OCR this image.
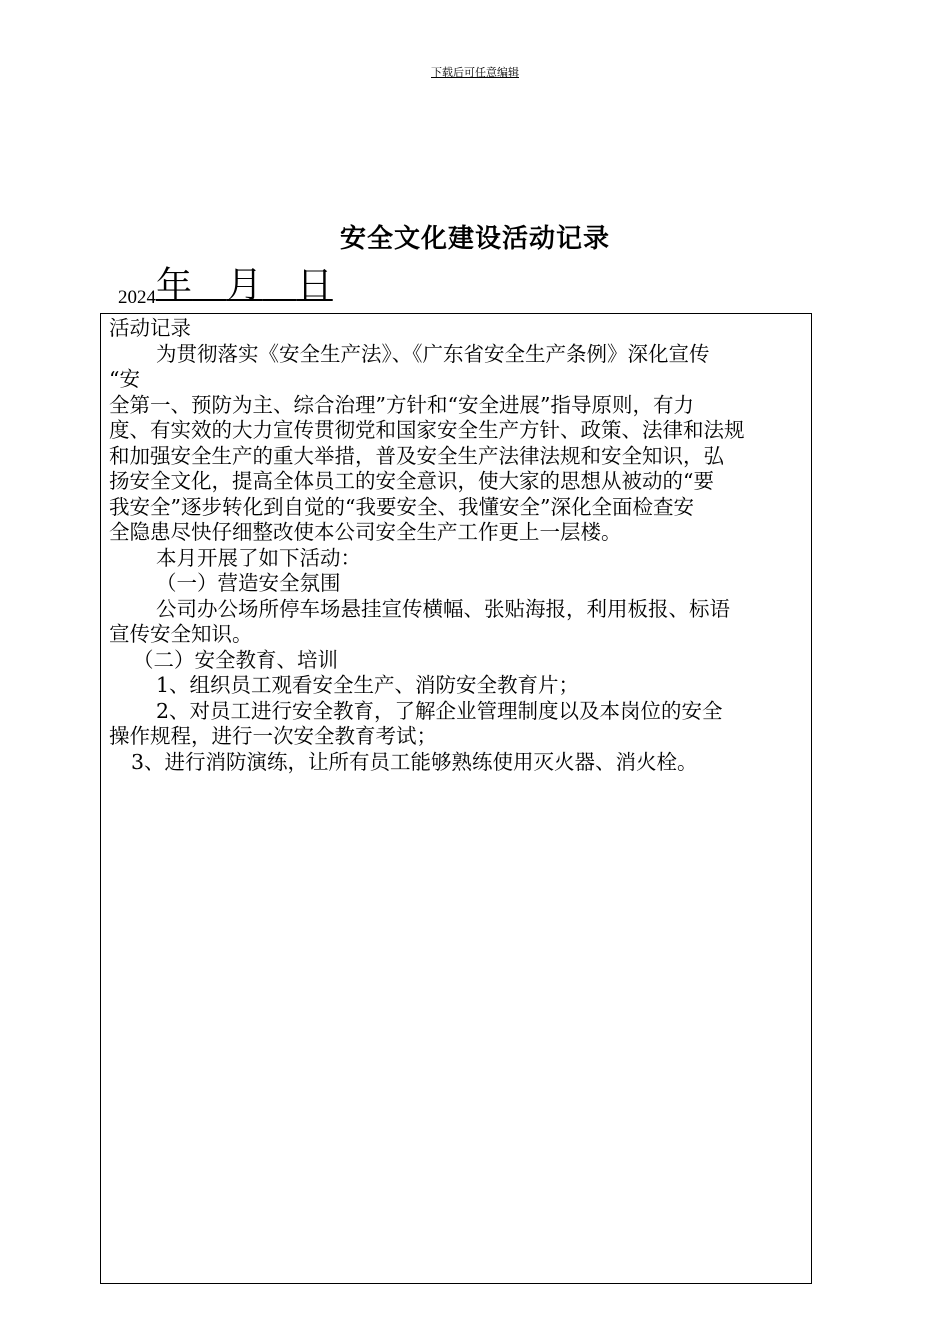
下载后可任意编辑
安全文化建设活动记录
2024年 月 日

活动记录

为贯彻落实《安全生产法》、《广东省安全生产条例》深化宣传

“安

全第一、预防为主、综合治理”方针和“安全进展”指导原则，有力

度、有实效的大力宣传贯彻党和国家安全生产方针、政策、法律和法规

和加强安全生产的重大举措，普及安全生产法律法规和安全知识，弘

扬安全文化，提高全体员工的安全意识，使大家的思想从被动的“要

我安全”逐步转化到自觉的“我要安全、我懂安全”深化全面检查安

全隐患尽快仔细整改使本公司安全生产工作更上一层楼。

本月开展了如下活动：

（一）营造安全氛围

公司办公场所停车场悬挂宣传横幅、张贴海报，利用板报、标语

宣传安全知识。

（二）安全教育、培训

1、组织员工观看安全生产、消防安全教育片；

2、对员工进行安全教育，了解企业管理制度以及本岗位的安全

操作规程，进行一次安全教育考试；

3、进行消防演练，让所有员工能够熟练使用灭火器、消火栓。
